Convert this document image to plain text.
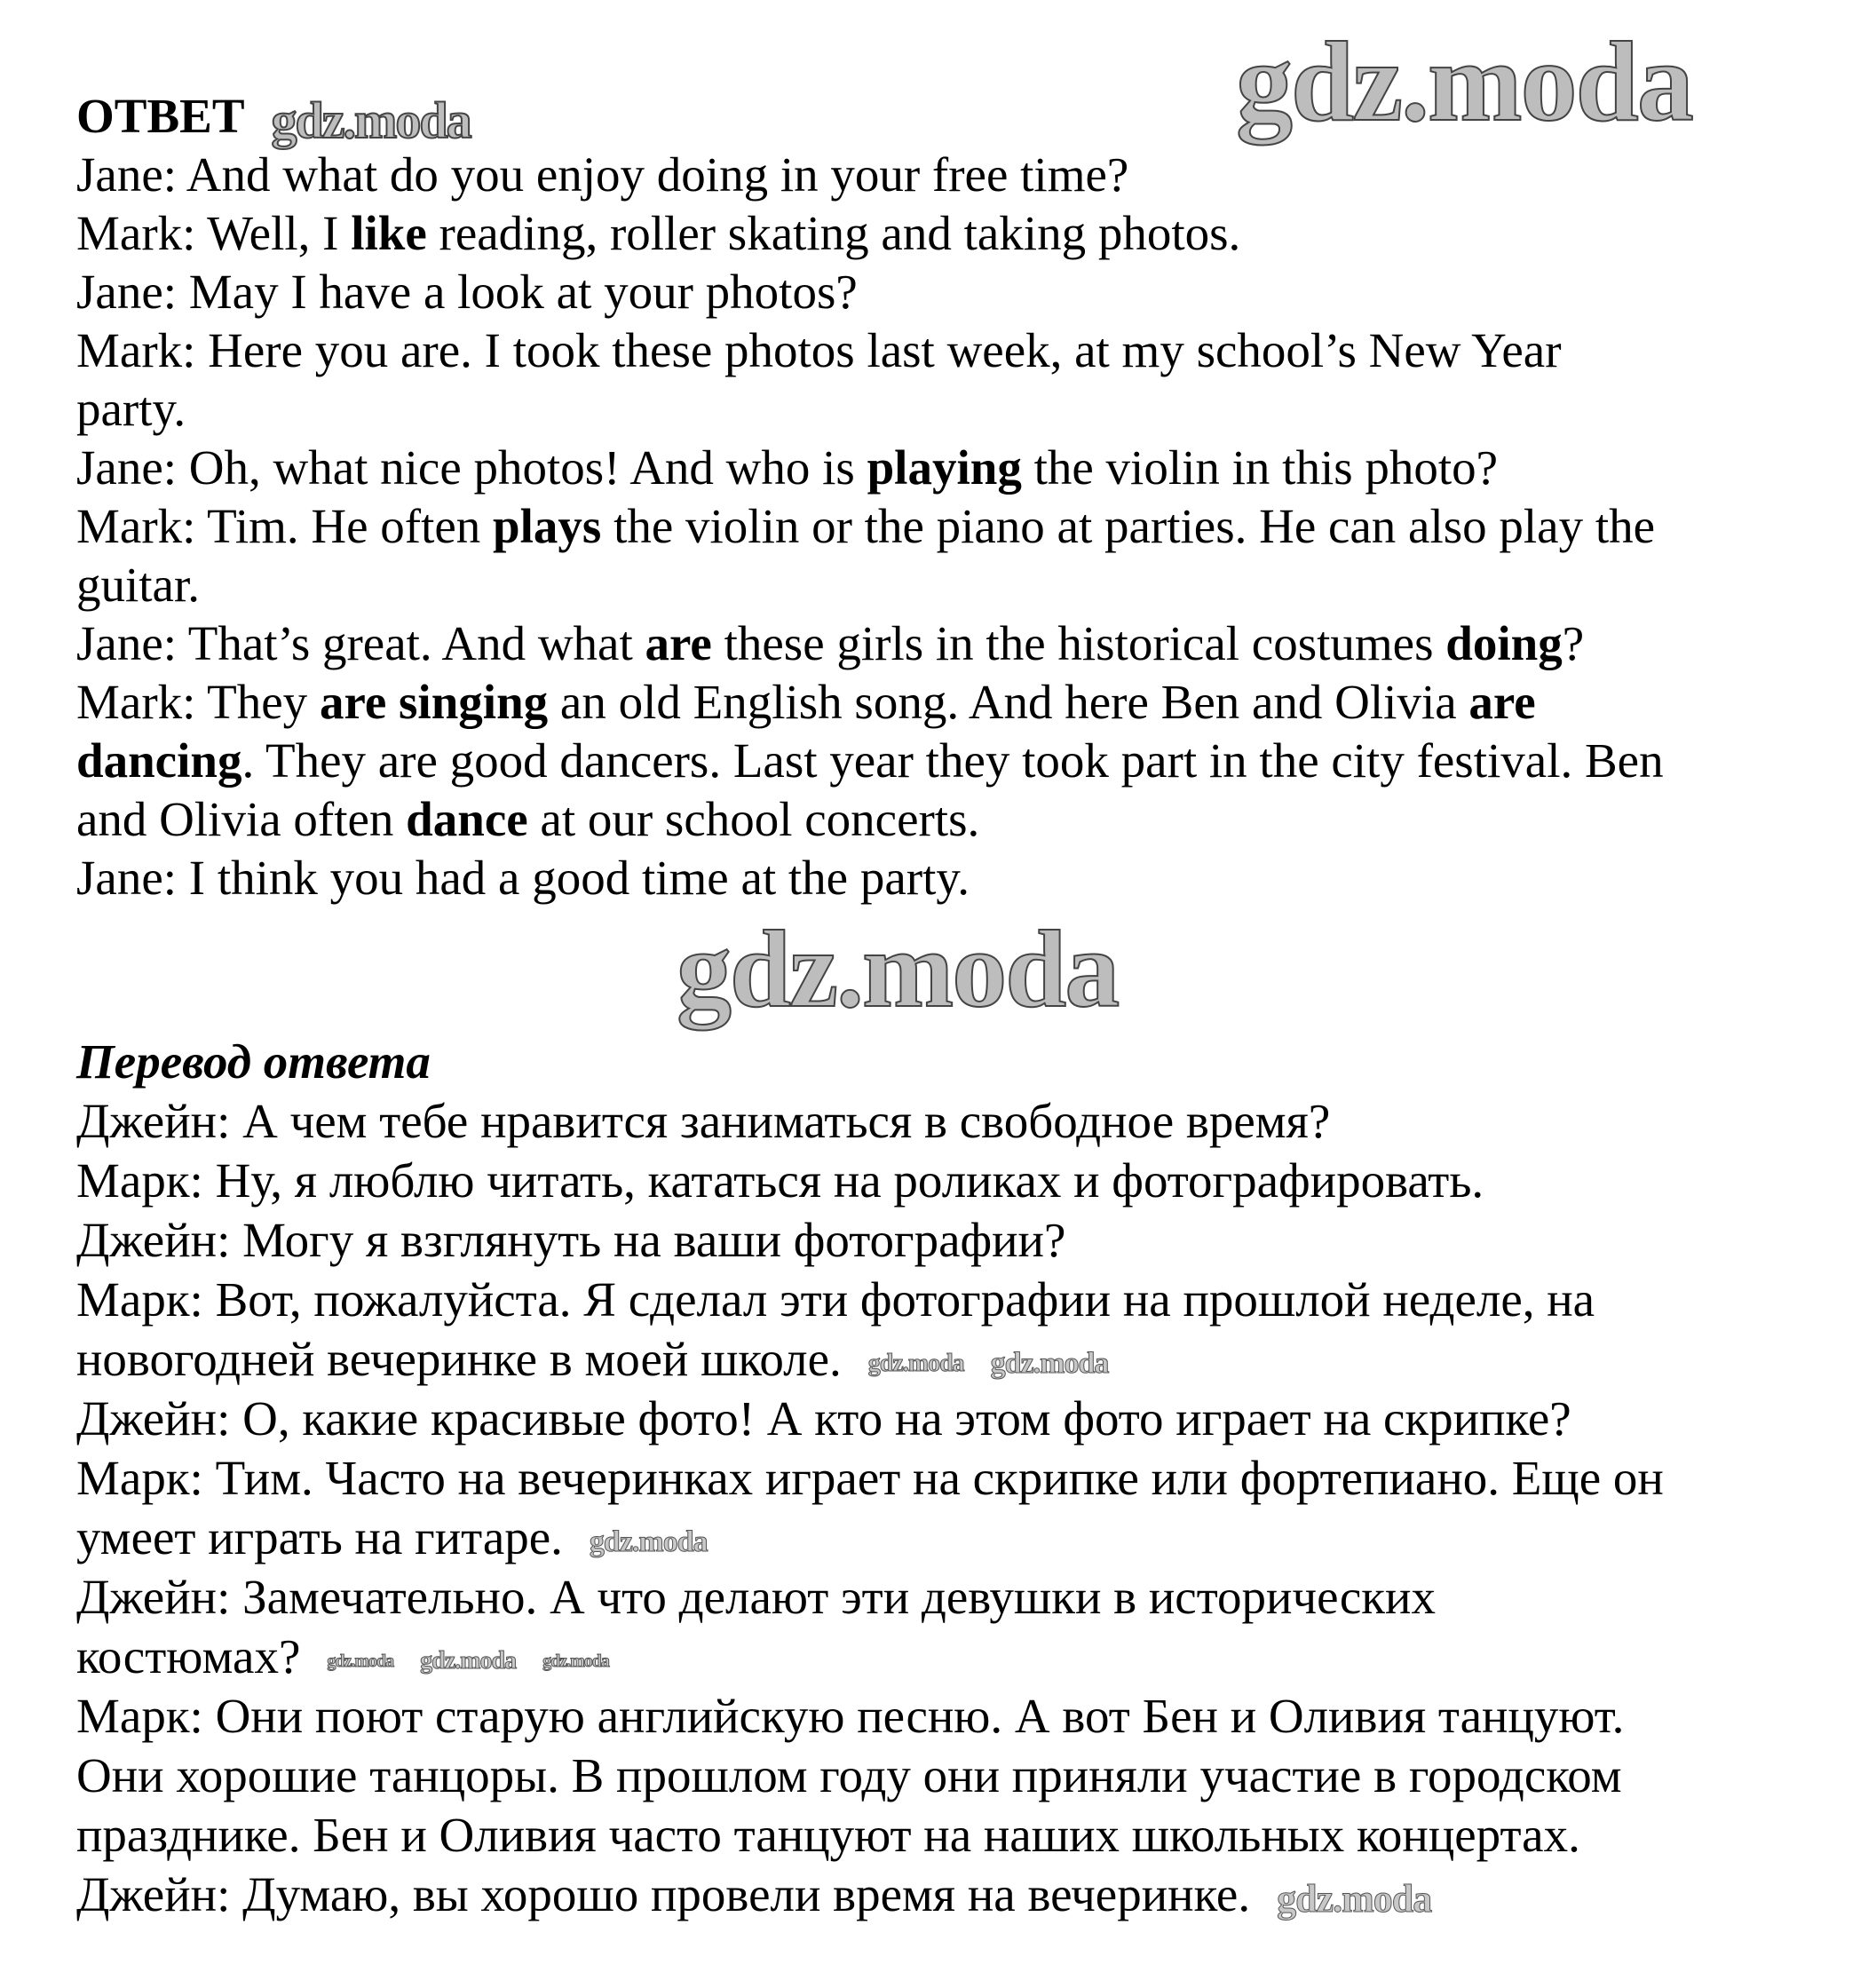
ОТВЕТ gdz.moda
Jane: And what do you enjoy doing in your free time?
Mark: Well, I like reading, roller skating and taking photos.
Jane: May I have a look at your photos?
Mark: Here you are. I took these photos last week, at my school’s New Year
party.
Jane: Oh, what nice photos! And who is playing the violin in this photo?
Mark: Tim. He often plays the violin or the piano at parties. He can also play the
guitar.
Jane: That’s great. And what are these girls in the historical costumes doing?
Mark: They are singing an old English song. And here Ben and Olivia are
dancing. They are good dancers. Last year they took part in the city festival. Ben
and Olivia often dance at our school concerts.
Jane: I think you had a good time at the party.
Перевод ответа
Джейн: А чем тебе нравится заниматься в свободное время?
Марк: Ну, я люблю читать, кататься на роликах и фотографировать.
Джейн: Могу я взглянуть на ваши фотографии?
Марк: Вот, пожалуйста. Я сделал эти фотографии на прошлой неделе, на
новогодней вечеринке в моей школе. gdz.moda gdz.moda
Джейн: О, какие красивые фото! А кто на этом фото играет на скрипке?
Марк: Тим. Часто на вечеринках играет на скрипке или фортепиано. Еще он
умеет играть на гитаре. gdz.moda
Джейн: Замечательно. А что делают эти девушки в исторических
костюмах? gdz.moda gdz.moda gdz.moda
Марк: Они поют старую английскую песню. А вот Бен и Оливия танцуют.
Они хорошие танцоры. В прошлом году они приняли участие в городском
празднике. Бен и Оливия часто танцуют на наших школьных концертах.
Джейн: Думаю, вы хорошо провели время на вечеринке. gdz.moda
gdz.moda
gdz.moda
